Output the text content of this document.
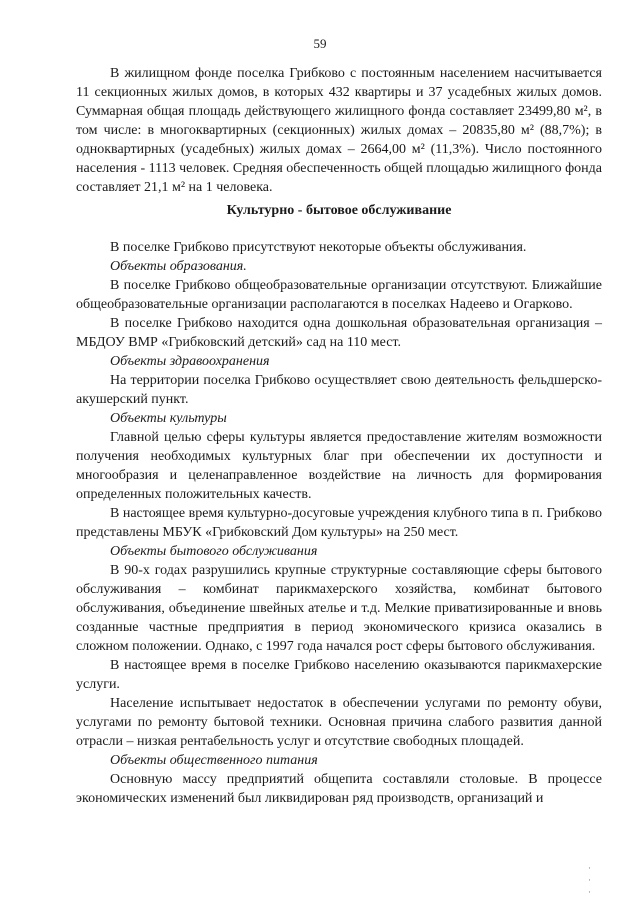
59

В жилищном фонде поселка Грибково с постоянным населением насчитывается 11 секционных жилых домов, в которых 432 квартиры и 37 усадебных жилых домов. Суммарная общая площадь действующего жилищного фонда составляет 23499,80 м², в том числе: в многоквартирных (секционных) жилых домах – 20835,80 м² (88,7%); в одноквартирных (усадебных) жилых домах – 2664,00 м² (11,3%). Число постоянного населения - 1113 человек. Средняя обеспеченность общей площадью жилищного фонда составляет 21,1 м² на 1 человека.

Культурно - бытовое обслуживание

В поселке Грибково присутствуют некоторые объекты обслуживания.

Объекты образования.

В поселке Грибково общеобразовательные организации отсутствуют. Ближайшие общеобразовательные организации располагаются в поселках Надеево и Огарково.

В поселке Грибково находится одна дошкольная образовательная организация – МБДОУ ВМР «Грибковский детский» сад на 110 мест.

Объекты здравоохранения

На территории поселка Грибково осуществляет свою деятельность фельдшерско-акушерский пункт.

Объекты культуры

Главной целью сферы культуры является предоставление жителям возможности получения необходимых культурных благ при обеспечении их доступности и многообразия и целенаправленное воздействие на личность для формирования определенных положительных качеств.

В настоящее время культурно-досуговые учреждения клубного типа в п. Грибково представлены МБУК «Грибковский Дом культуры» на 250 мест.

Объекты бытового обслуживания

В 90-х годах разрушились крупные структурные составляющие сферы бытового обслуживания – комбинат парикмахерского хозяйства, комбинат бытового обслуживания, объединение швейных ателье и т.д. Мелкие приватизированные и вновь созданные частные предприятия в период экономического кризиса оказались в сложном положении. Однако, с 1997 года начался рост сферы бытового обслуживания.

В настоящее время в поселке Грибково населению оказываются парикмахерские услуги.

Население испытывает недостаток в обеспечении услугами по ремонту обуви, услугами по ремонту бытовой техники. Основная причина слабого развития данной отрасли – низкая рентабельность услуг и отсутствие свободных площадей.

Объекты общественного питания

Основную массу предприятий общепита составляли столовые. В процессе экономических изменений был ликвидирован ряд производств, организаций и

·
·
·
